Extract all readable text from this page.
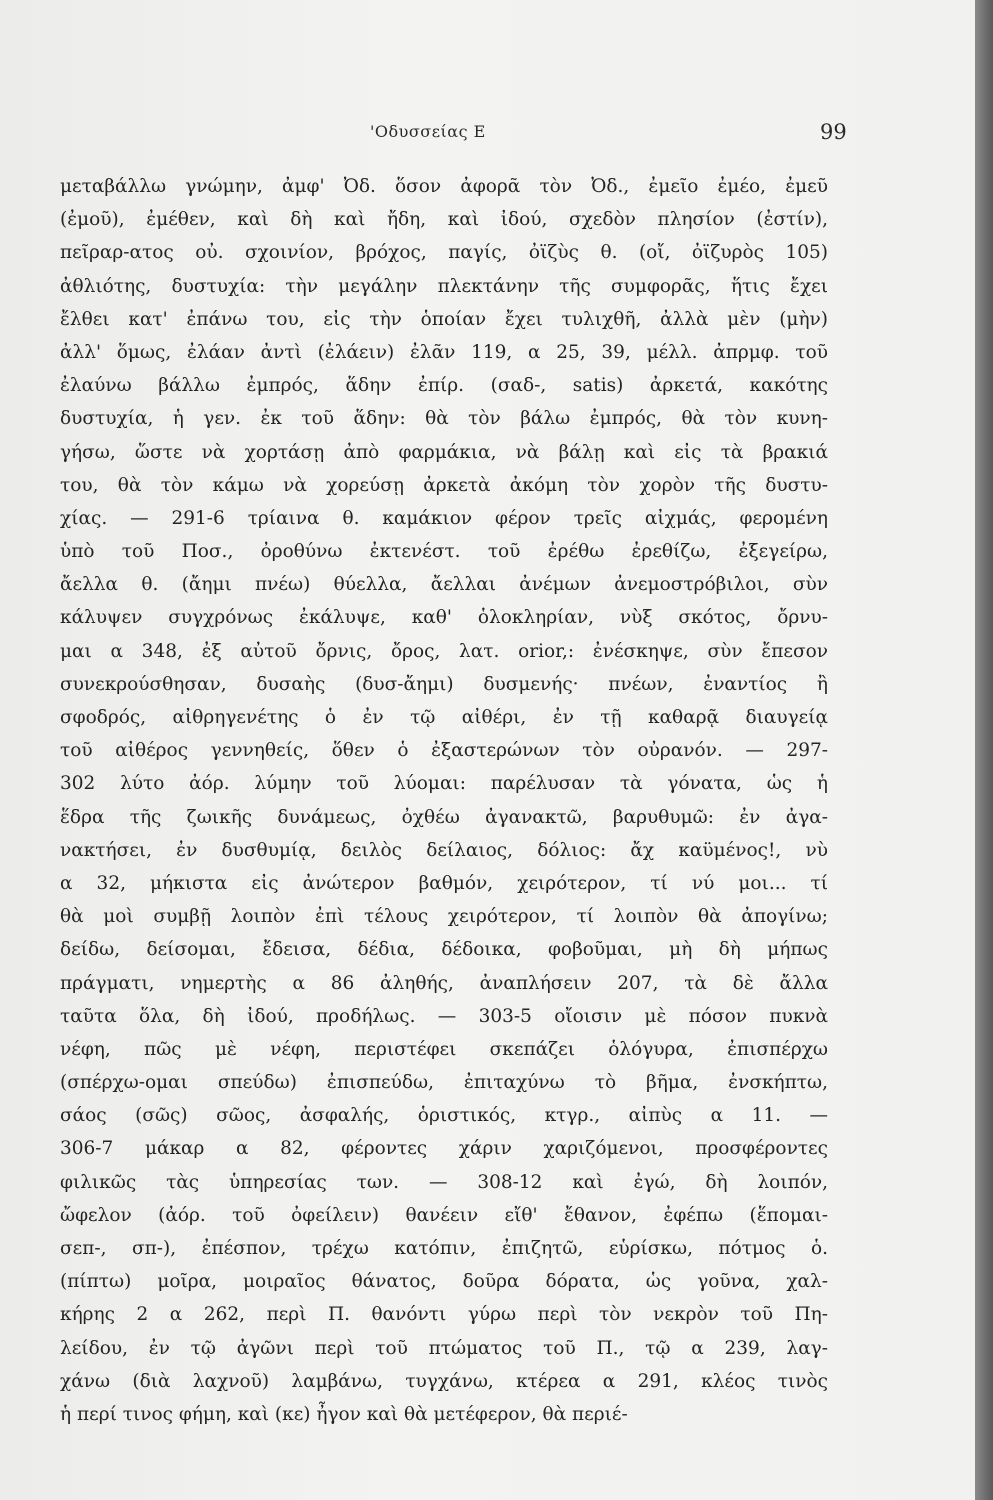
'Οδυσσείας Ε	99
μεταβάλλω γνώμην, ἀμφ' Ὀδ. ὅσον ἀφορᾶ τὸν Ὀδ., ἐμεῖο ἐμέο, ἐμεῦ
(ἐμοῦ), ἐμέθεν, καὶ δὴ καὶ ἤδη, καὶ ἰδού, σχεδὸν πλησίον (ἐστίν),
πεῖραρ-ατος οὐ. σχοινίον, βρόχος, παγίς, ὀϊζὺς θ. (οἴ, ὀϊζυρὸς 105)
ἀθλιότης, δυστυχία: τὴν μεγάλην πλεκτάνην τῆς συμφορᾶς, ἥτις ἔχει
ἔλθει κατ' ἐπάνω του, εἰς τὴν ὁποίαν ἔχει τυλιχθῆ, ἀλλὰ μὲν (μὴν)
ἀλλ' ὅμως, ἐλάαν ἀντὶ (ἐλάειν) ἐλᾶν 119, α 25, 39, μέλλ. ἀπρμφ. τοῦ
ἐλαύνω βάλλω ἐμπρός, ἅδην ἐπίρ. (σαδ-, satis) ἀρκετά, κακότης
δυστυχία, ἡ γεν. ἐκ τοῦ ἅδην: θὰ τὸν βάλω ἐμπρός, θὰ τὸν κυνη-
γήσω, ὥστε νὰ χορτάσῃ ἀπὸ φαρμάκια, νὰ βάλῃ καὶ εἰς τὰ βρακιά
του, θὰ τὸν κάμω νὰ χορεύσῃ ἀρκετὰ ἀκόμη τὸν χορὸν τῆς δυστυ-
χίας. — 291-6 τρίαινα θ. καμάκιον φέρον τρεῖς αἰχμάς, φερομένη
ὑπὸ τοῦ Ποσ., ὀροθύνω ἐκτενέστ. τοῦ ἐρέθω ἐρεθίζω, ἐξεγείρω,
ἄελλα θ. (ἄημι πνέω) θύελλα, ἄελλαι ἀνέμων ἀνεμοστρόβιλοι, σὺν
κάλυψεν συγχρόνως ἐκάλυψε, καθ' ὁλοκληρίαν, νὺξ σκότος, ὄρνυ-
μαι α 348, ἐξ αὐτοῦ ὄρνις, ὄρος, λατ. orior,: ἐνέσκηψε, σὺν ἔπεσον
συνεκρούσθησαν, δυσαὴς (δυσ-ἄημι) δυσμενής· πνέων, ἐναντίος ἢ
σφοδρός, αἰθρηγενέτης ὁ ἐν τῷ αἰθέρι, ἐν τῇ καθαρᾷ διαυγείᾳ
τοῦ αἰθέρος γεννηθείς, ὅθεν ὁ ἐξαστερώνων τὸν οὐρανόν. — 297-
302 λύτο ἀόρ. λύμην τοῦ λύομαι: παρέλυσαν τὰ γόνατα, ὡς ἡ
ἕδρα τῆς ζωικῆς δυνάμεως, ὀχθέω ἀγανακτῶ, βαρυθυμῶ: ἐν ἀγα-
νακτήσει, ἐν δυσθυμίᾳ, δειλὸς δείλαιος, δόλιος: ἄχ καϋμένος!, νὺ
α 32, μήκιστα εἰς ἀνώτερον βαθμόν, χειρότερον, τί νύ μοι... τί
θὰ μοὶ συμβῇ λοιπὸν ἐπὶ τέλους χειρότερον, τί λοιπὸν θὰ ἀπογίνω;
δείδω, δείσομαι, ἔδεισα, δέδια, δέδοικα, φοβοῦμαι, μὴ δὴ μήπως
πράγματι, νημερτὴς α 86 ἀληθής, ἀναπλήσειν 207, τὰ δὲ ἄλλα
ταῦτα ὅλα, δὴ ἰδού, προδήλως. — 303-5 οἴοισιν μὲ πόσον πυκνὰ
νέφη, πῶς μὲ νέφη, περιστέφει σκεπάζει ὁλόγυρα, ἐπισπέρχω
(σπέρχω-ομαι σπεύδω) ἐπισπεύδω, ἐπιταχύνω τὸ βῆμα, ἐνσκήπτω,
σάος (σῶς) σῶος, ἀσφαλής, ὁριστικός, κτγρ., αἰπὺς α 11. —
306-7 μάκαρ α 82, φέροντες χάριν χαριζόμενοι, προσφέροντες
φιλικῶς τὰς ὑπηρεσίας των. — 308-12 καὶ ἐγώ, δὴ λοιπόν,
ὤφελον (ἀόρ. τοῦ ὀφείλειν) θανέειν εἴθ' ἔθανον, ἐφέπω (ἕπομαι-
σεπ-, σπ-), ἐπέσπον, τρέχω κατόπιν, ἐπιζητῶ, εὑρίσκω, πότμος ὁ.
(πίπτω) μοῖρα, μοιραῖος θάνατος, δοῦρα δόρατα, ὡς γοῦνα, χαλ-
κήρης 2 α 262, περὶ Π. θανόντι γύρω περὶ τὸν νεκρὸν τοῦ Πη-
λείδου, ἐν τῷ ἀγῶνι περὶ τοῦ πτώματος τοῦ Π., τῷ α 239, λαγ-
χάνω (διὰ λαχνοῦ) λαμβάνω, τυγχάνω, κτέρεα α 291, κλέος τινὸς
ἡ περί τινος φήμη, καὶ (κε) ἦγον καὶ θὰ μετέφερον, θὰ περιέ-
